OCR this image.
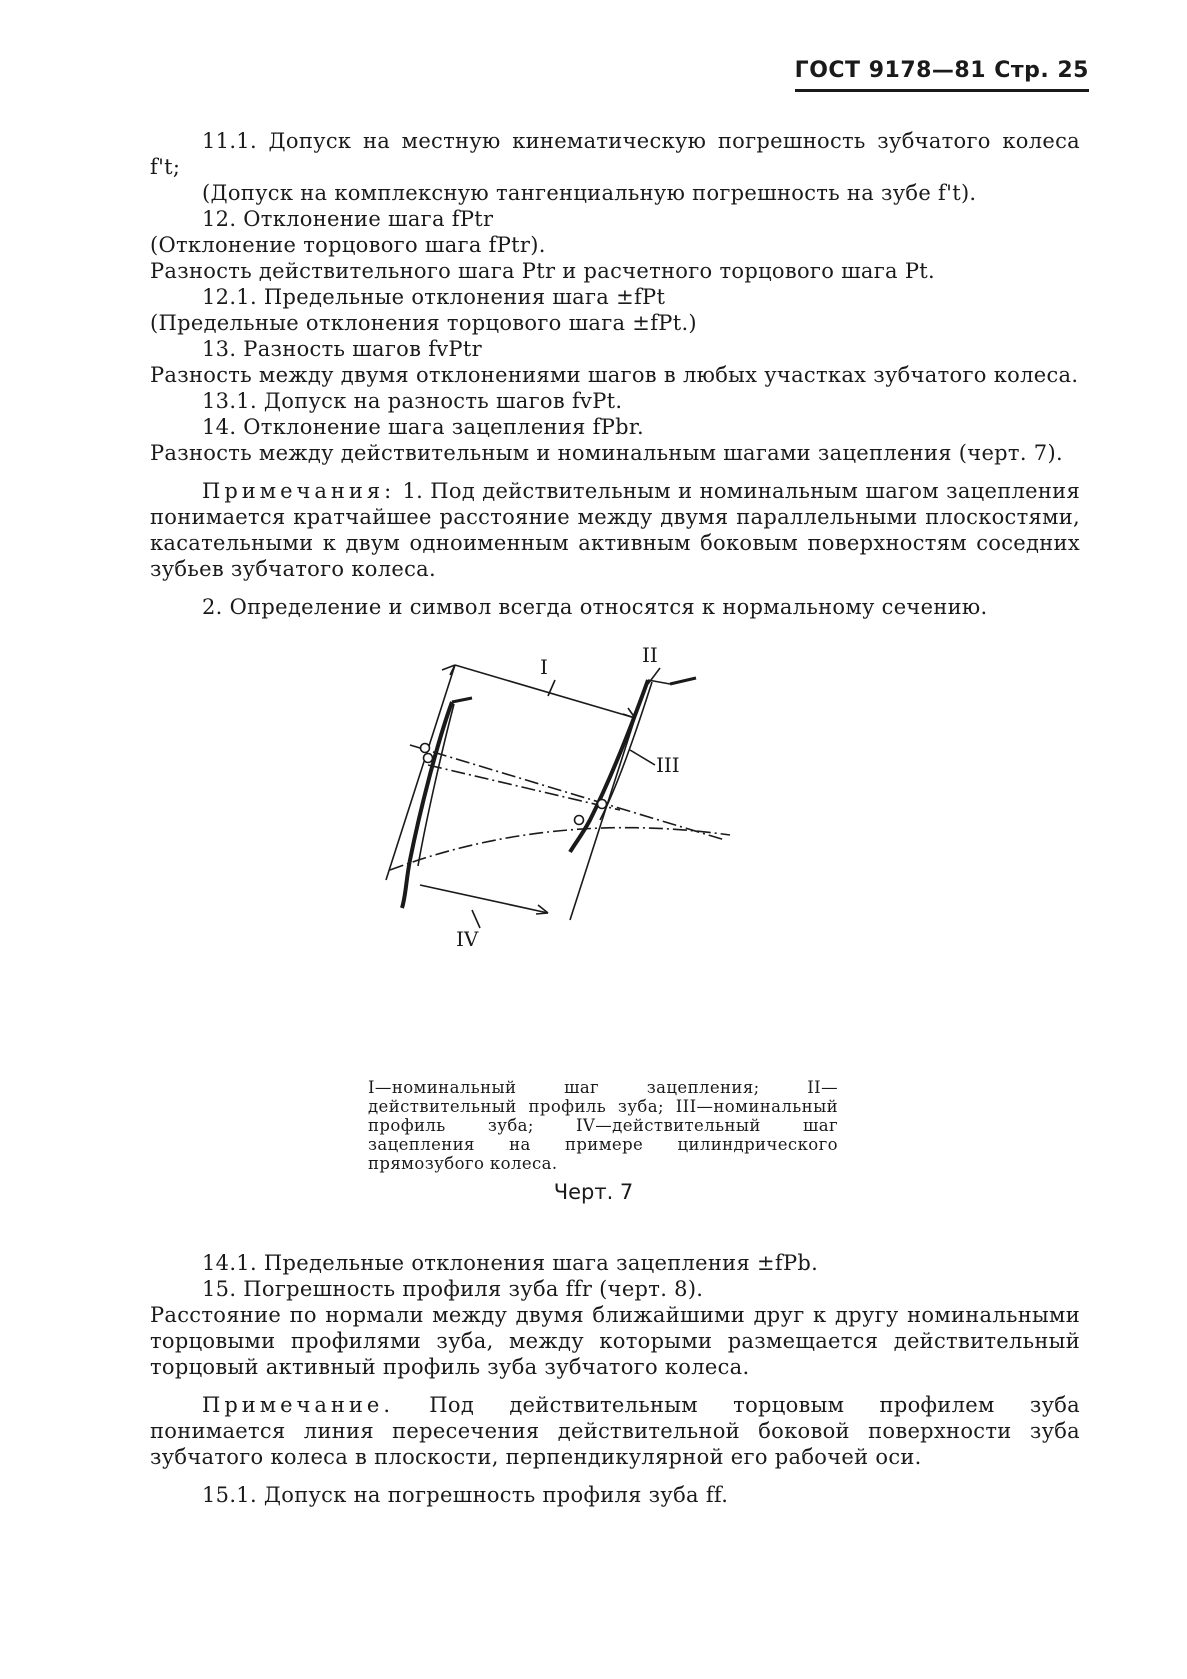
ГОСТ 9178—81 Стр. 25

11.1. Допуск на местную кинематическую погрешность зубчатого колеса f't;

(Допуск на комплексную тангенциальную погрешность на зубе f't).

12. Отклонение шага fPtr

(Отклонение торцового шага fPtr).

Разность действительного шага Ptr и расчетного торцового шага Pt.

12.1. Предельные отклонения шага ±fPt

(Предельные отклонения торцового шага ±fPt.)

13. Разность шагов fvPtr

Разность между двумя отклонениями шагов в любых участках зубчатого колеса.

13.1. Допуск на разность шагов fvPt.

14. Отклонение шага зацепления fPbr.

Разность между действительным и номинальным шагами зацепления (черт. 7).

Примечания: 1. Под действительным и номинальным шагом зацепления понимается кратчайшее расстояние между двумя параллельными плоскостями, касательными к двум одноименным активным боковым поверхностям соседних зубьев зубчатого колеса.

2. Определение и символ всегда относятся к нормальному сечению.

I	II
III
IV
I—номинальный шаг зацепления; II—действительный профиль зуба; III—номинальный профиль зуба; IV—действительный шаг зацепления на примере цилиндрического прямозубого колеса.
Черт. 7

14.1. Предельные отклонения шага зацепления ±fPb.

15. Погрешность профиля зуба ffr (черт. 8).

Расстояние по нормали между двумя ближайшими друг к другу номинальными торцовыми профилями зуба, между которыми размещается действительный торцовый активный профиль зуба зубчатого колеса.

Примечание. Под действительным торцовым профилем зуба понимается линия пересечения действительной боковой поверхности зуба зубчатого колеса в плоскости, перпендикулярной его рабочей оси.

15.1. Допуск на погрешность профиля зуба ff.
